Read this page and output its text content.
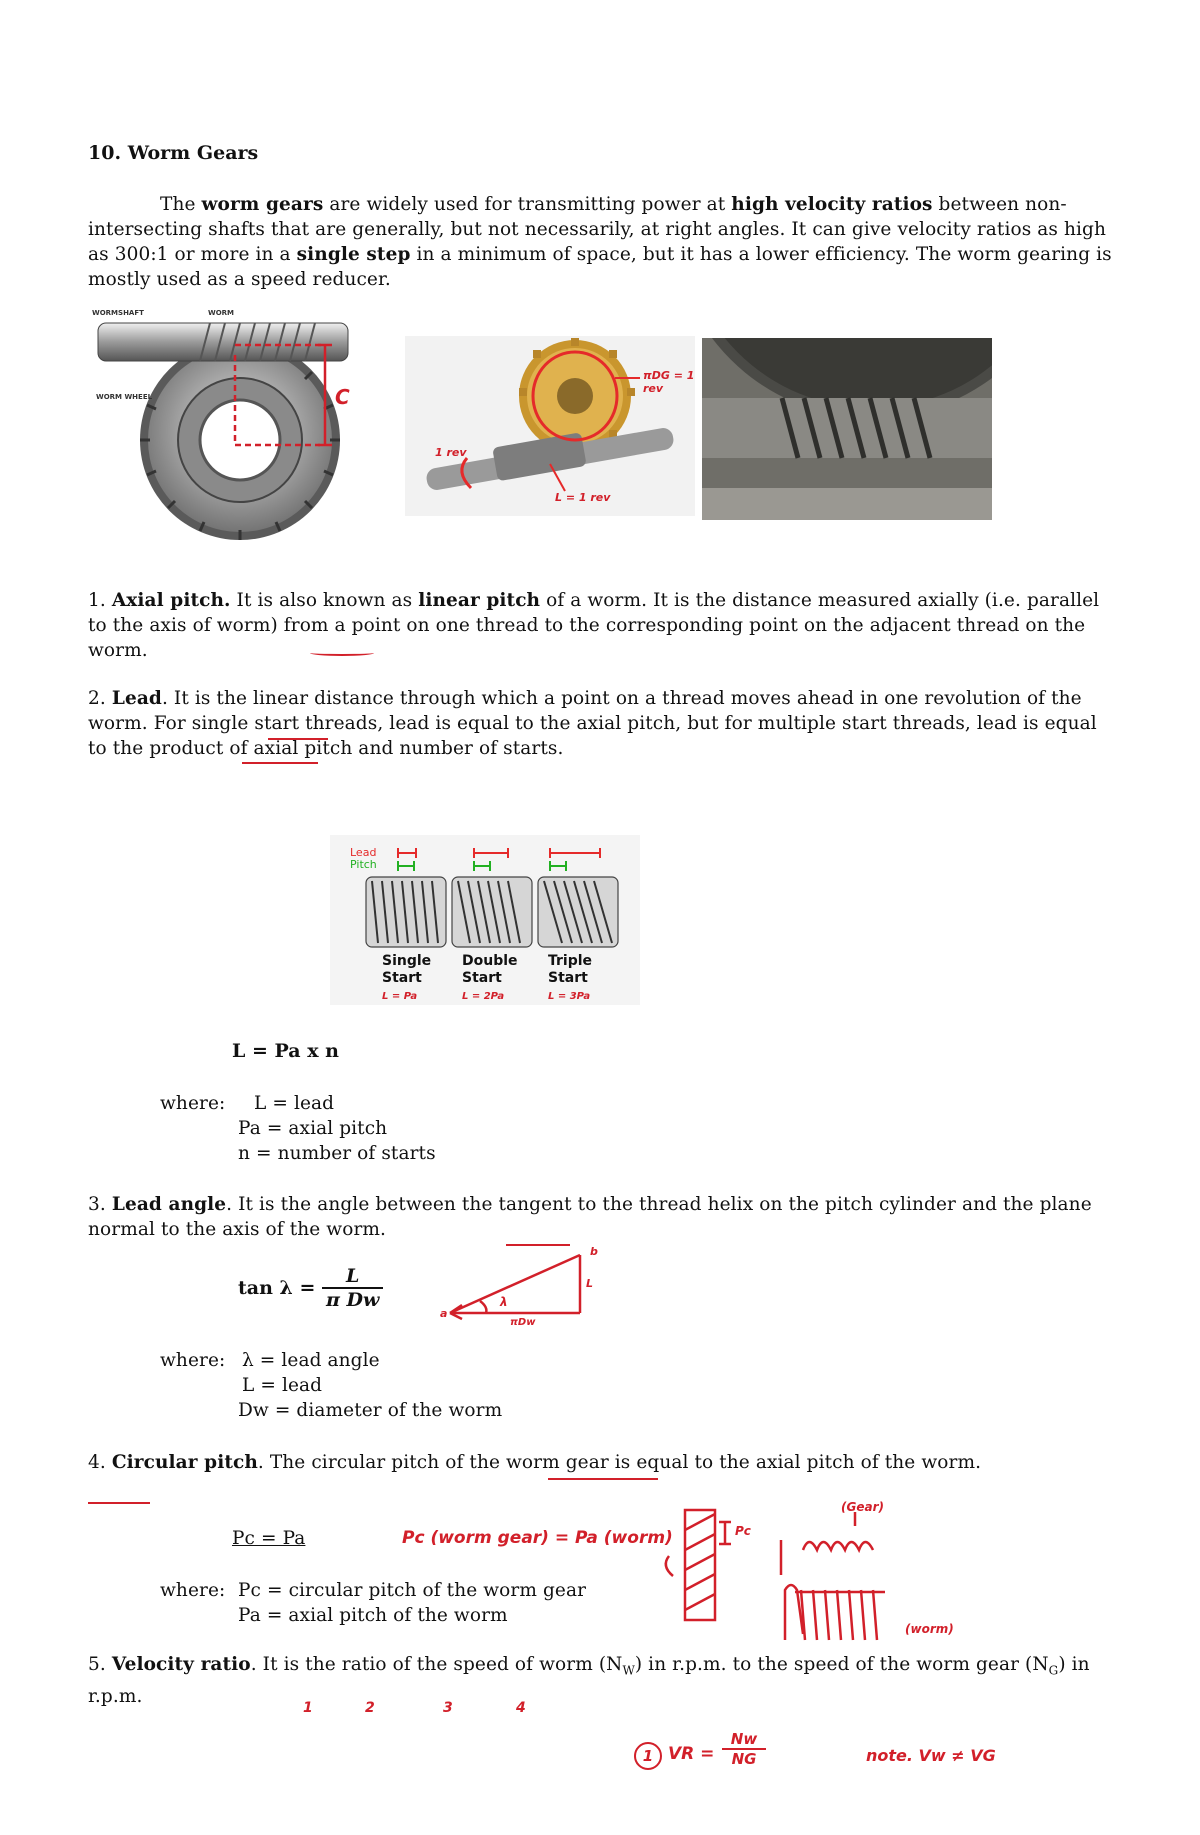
10. Worm Gears
The worm gears are widely used for transmitting power at high velocity ratios between non-intersecting shafts that are generally, but not necessarily, at right angles. It can give velocity ratios as high as 300:1 or more in a single step in a minimum of space, but it has a lower efficiency. The worm gearing is mostly used as a speed reducer.
WORMSHAFT	WORM
WORM WHEEL	C
πDG = 1 rev
1 rev
L = 1 rev
1. Axial pitch. It is also known as linear pitch of a worm. It is the distance measured axially (i.e. parallel to the axis of worm) from a point on one thread to the corresponding point on the adjacent thread on the worm.
2. Lead. It is the linear distance through which a point on a thread moves ahead in one revolution of the worm. For single start threads, lead is equal to the axial pitch, but for multiple start threads, lead is equal to the product of axial pitch and number of starts.
Lead
Pitch
Single
Start
Double
Start
Triple
Start
L = Pa	L = 2Pa	L = 3Pa
L = Pa x n
where: L = lead
Pa = axial pitch
n = number of starts
3. Lead angle. It is the angle between the tangent to the thread helix on the pitch cylinder and the plane normal to the axis of the worm.
$\tan \lambda = \frac{L}{\text{π Dw}}$
b
a
L
λ
πDw
where: λ = lead angle
L = lead
Dw = diameter of the worm
4. Circular pitch. The circular pitch of the worm gear is equal to the axial pitch of the worm.
Pc = Pa	Pc (worm gear) = Pa (worm)	Pc
(Gear)
(worm)
where: Pc = circular pitch of the worm gear
Pa = axial pitch of the worm
5. Velocity ratio. It is the ratio of the speed of worm $(N_W)$ in r.p.m. to the speed of the worm gear $(N_G)$ in r.p.m.
1	2	3	4
1 VR = $\frac{Nw}{NG}$	note. Vw ≠ VG
